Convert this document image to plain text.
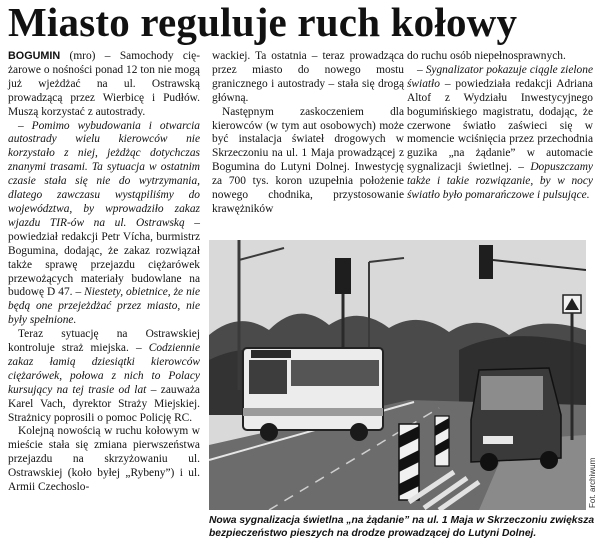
Miasto reguluje ruch kołowy

BOGUMIN (mro) – Samochody cię-żarowe o nośności ponad 12 ton nie mogą już wjeżdżać na ul. Ostrawską prowadzącą przez Wierbicę i Pudłów. Muszą korzystać z autostrady.

– Pomimo wybudowania i otwarcia autostrady wielu kierowców nie korzystało z niej, jeżdżąc dotychczas znanymi trasami. Ta sytuacja w ostatnim czasie stała się nie do wytrzymania, dlatego zawczasu wystąpiliśmy do województwa, by wprowadziło zakaz wjazdu TIR-ów na ul. Ostrawską – powiedział redakcji Petr Vícha, burmistrz Bogumina, dodając, że zakaz rozwiązał także sprawę przejazdu ciężarówek przewożących materiały budowlane na budowę D 47. – Niestety, obietnice, że nie będą one przejeżdżać przez miasto, nie były spełnione.

Teraz sytuację na Ostrawskiej kontroluje straż miejska. – Codziennie zakaz łamią dziesiątki kierowców ciężarówek, połowa z nich to Polacy kursujący na tej trasie od lat – zauważa Karel Vach, dyrektor Straży Miejskiej. Strażnicy poprosili o pomoc Policję RC.

Kolejną nowością w ruchu kołowym w mieście stała się zmiana pierwszeństwa przejazdu na skrzyżowaniu ul. Ostrawskiej (koło byłej „Rybeny”) i ul. Armii Czechoslo-

wackiej. Ta ostatnia – teraz prowadząca przez miasto do nowego mostu granicznego i autostrady – stała się drogą główną.

Następnym zaskoczeniem dla kierowców (w tym aut osobowych) może być instalacja świateł drogowych w Skrzeczoniu na ul. 1 Maja prowadzącej z Bogumina do Lutyni Dolnej. Inwestycję za 700 tys. koron uzupełnia położenie nowego chodnika, przystosowanie krawężników

do ruchu osób niepełnosprawnych.

– Sygnalizator pokazuje ciągle zielone światło – powiedziała redakcji Adriana Altof z Wydziału Inwestycyjnego bogumińskiego magistratu, dodając, że czerwone światło zaświeci się w momencie wciśnięcia przez przechodnia guzika „na żądanie” w automacie sygnalizacji świetlnej. – Dopuszczamy także i takie rozwiązanie, by w nocy światło było pomarańczowe i pulsujące.

Fot. archiwum
Nowa sygnalizacja świetlna „na żądanie” na ul. 1 Maja w Skrzeczoniu zwiększa bezpieczeństwo pieszych na drodze prowadzącej do Lutyni Dolnej.
